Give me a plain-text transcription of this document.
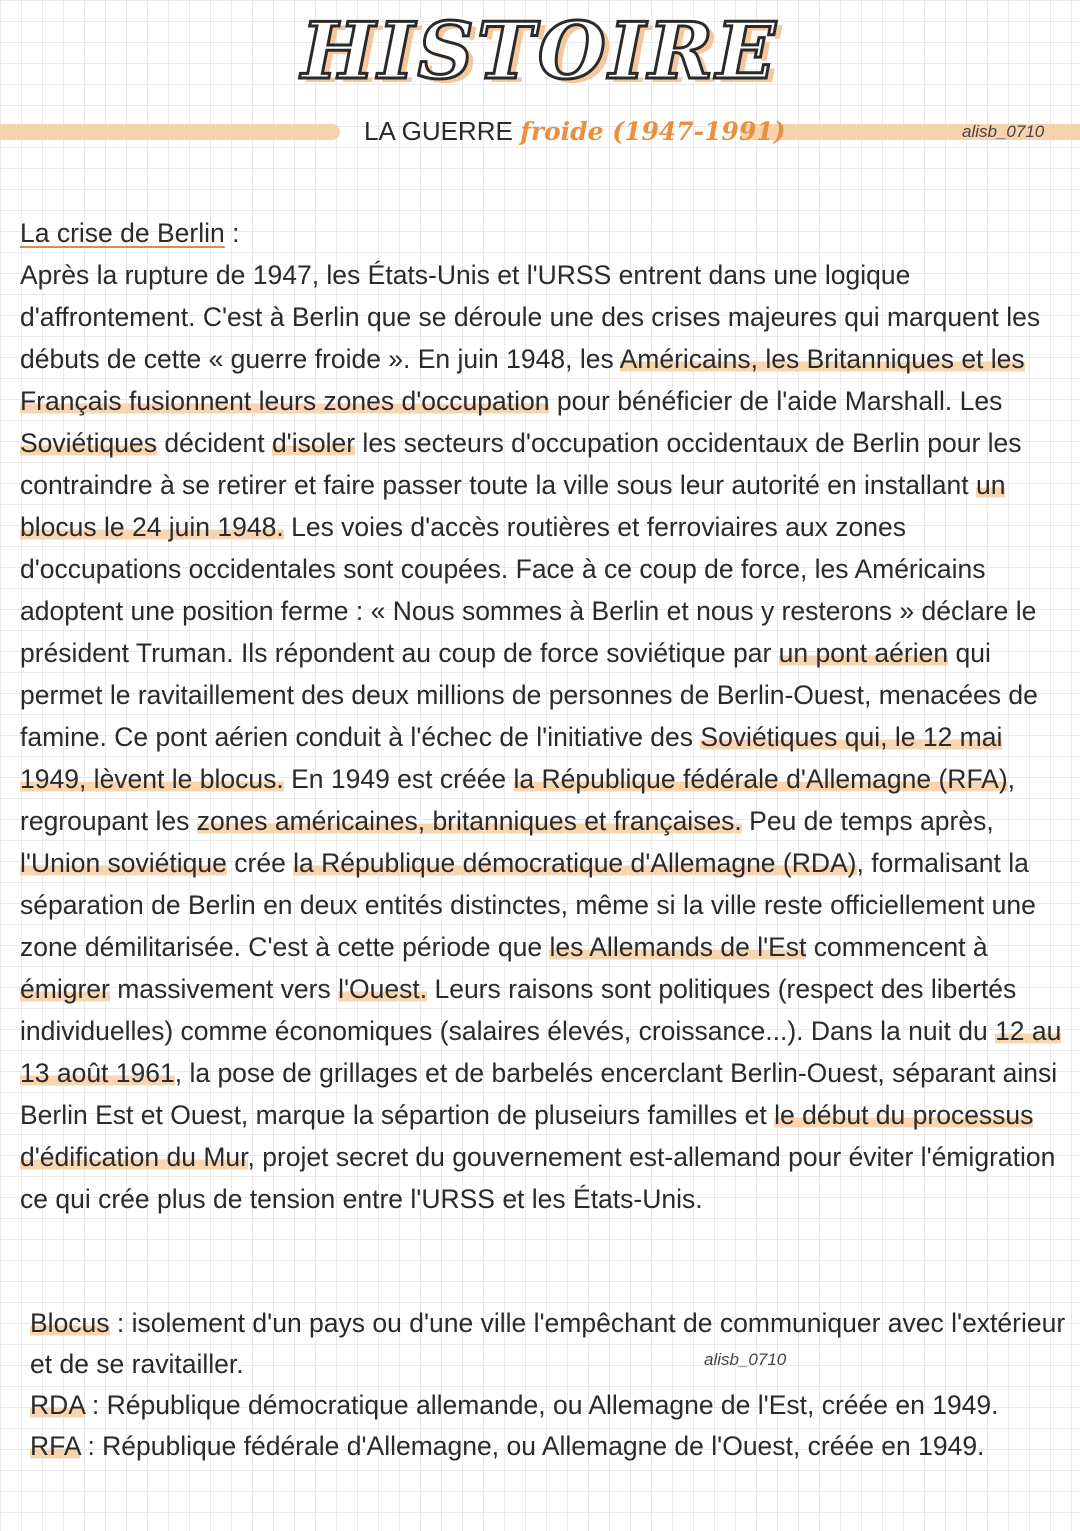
HISTOIRE
LA GUERRE froide (1947-1991)	alisb_0710
La crise de Berlin :
Après la rupture de 1947, les États-Unis et l'URSS entrent dans une logique d'affrontement. C'est à Berlin que se déroule une des crises majeures qui marquent les débuts de cette « guerre froide ». En juin 1948, les Américains, les Britanniques et les Français fusionnent leurs zones d'occupation pour bénéficier de l'aide Marshall. Les Soviétiques décident d'isoler les secteurs d'occupation occidentaux de Berlin pour les contraindre à se retirer et faire passer toute la ville sous leur autorité en installant un blocus le 24 juin 1948. Les voies d'accès routières et ferroviaires aux zones d'occupations occidentales sont coupées. Face à ce coup de force, les Américains adoptent une position ferme : « Nous sommes à Berlin et nous y resterons » déclare le président Truman. Ils répondent au coup de force soviétique par un pont aérien qui permet le ravitaillement des deux millions de personnes de Berlin-Ouest, menacées de famine. Ce pont aérien conduit à l'échec de l'initiative des Soviétiques qui, le 12 mai 1949, lèvent le blocus. En 1949 est créée la République fédérale d'Allemagne (RFA), regroupant les zones américaines, britanniques et françaises. Peu de temps après, l'Union soviétique crée la République démocratique d'Allemagne (RDA), formalisant la séparation de Berlin en deux entités distinctes, même si la ville reste officiellement une zone démilitarisée. C'est à cette période que les Allemands de l'Est commencent à émigrer massivement vers l'Ouest. Leurs raisons sont politiques (respect des libertés individuelles) comme économiques (salaires élevés, croissance...). Dans la nuit du 12 au 13 août 1961, la pose de grillages et de barbelés encerclant Berlin-Ouest, séparant ainsi Berlin Est et Ouest, marque la sépartion de pluseiurs familles et le début du processus d'édification du Mur, projet secret du gouvernement est-allemand pour éviter l'émigration ce qui crée plus de tension entre l'URSS et les États-Unis.

Blocus : isolement d'un pays ou d'une ville l'empêchant de communiquer avec l'extérieur et de se ravitailler.

RDA : République démocratique allemande, ou Allemagne de l'Est, créée en 1949.

RFA : République fédérale d'Allemagne, ou Allemagne de l'Ouest, créée en 1949.

alisb_0710
